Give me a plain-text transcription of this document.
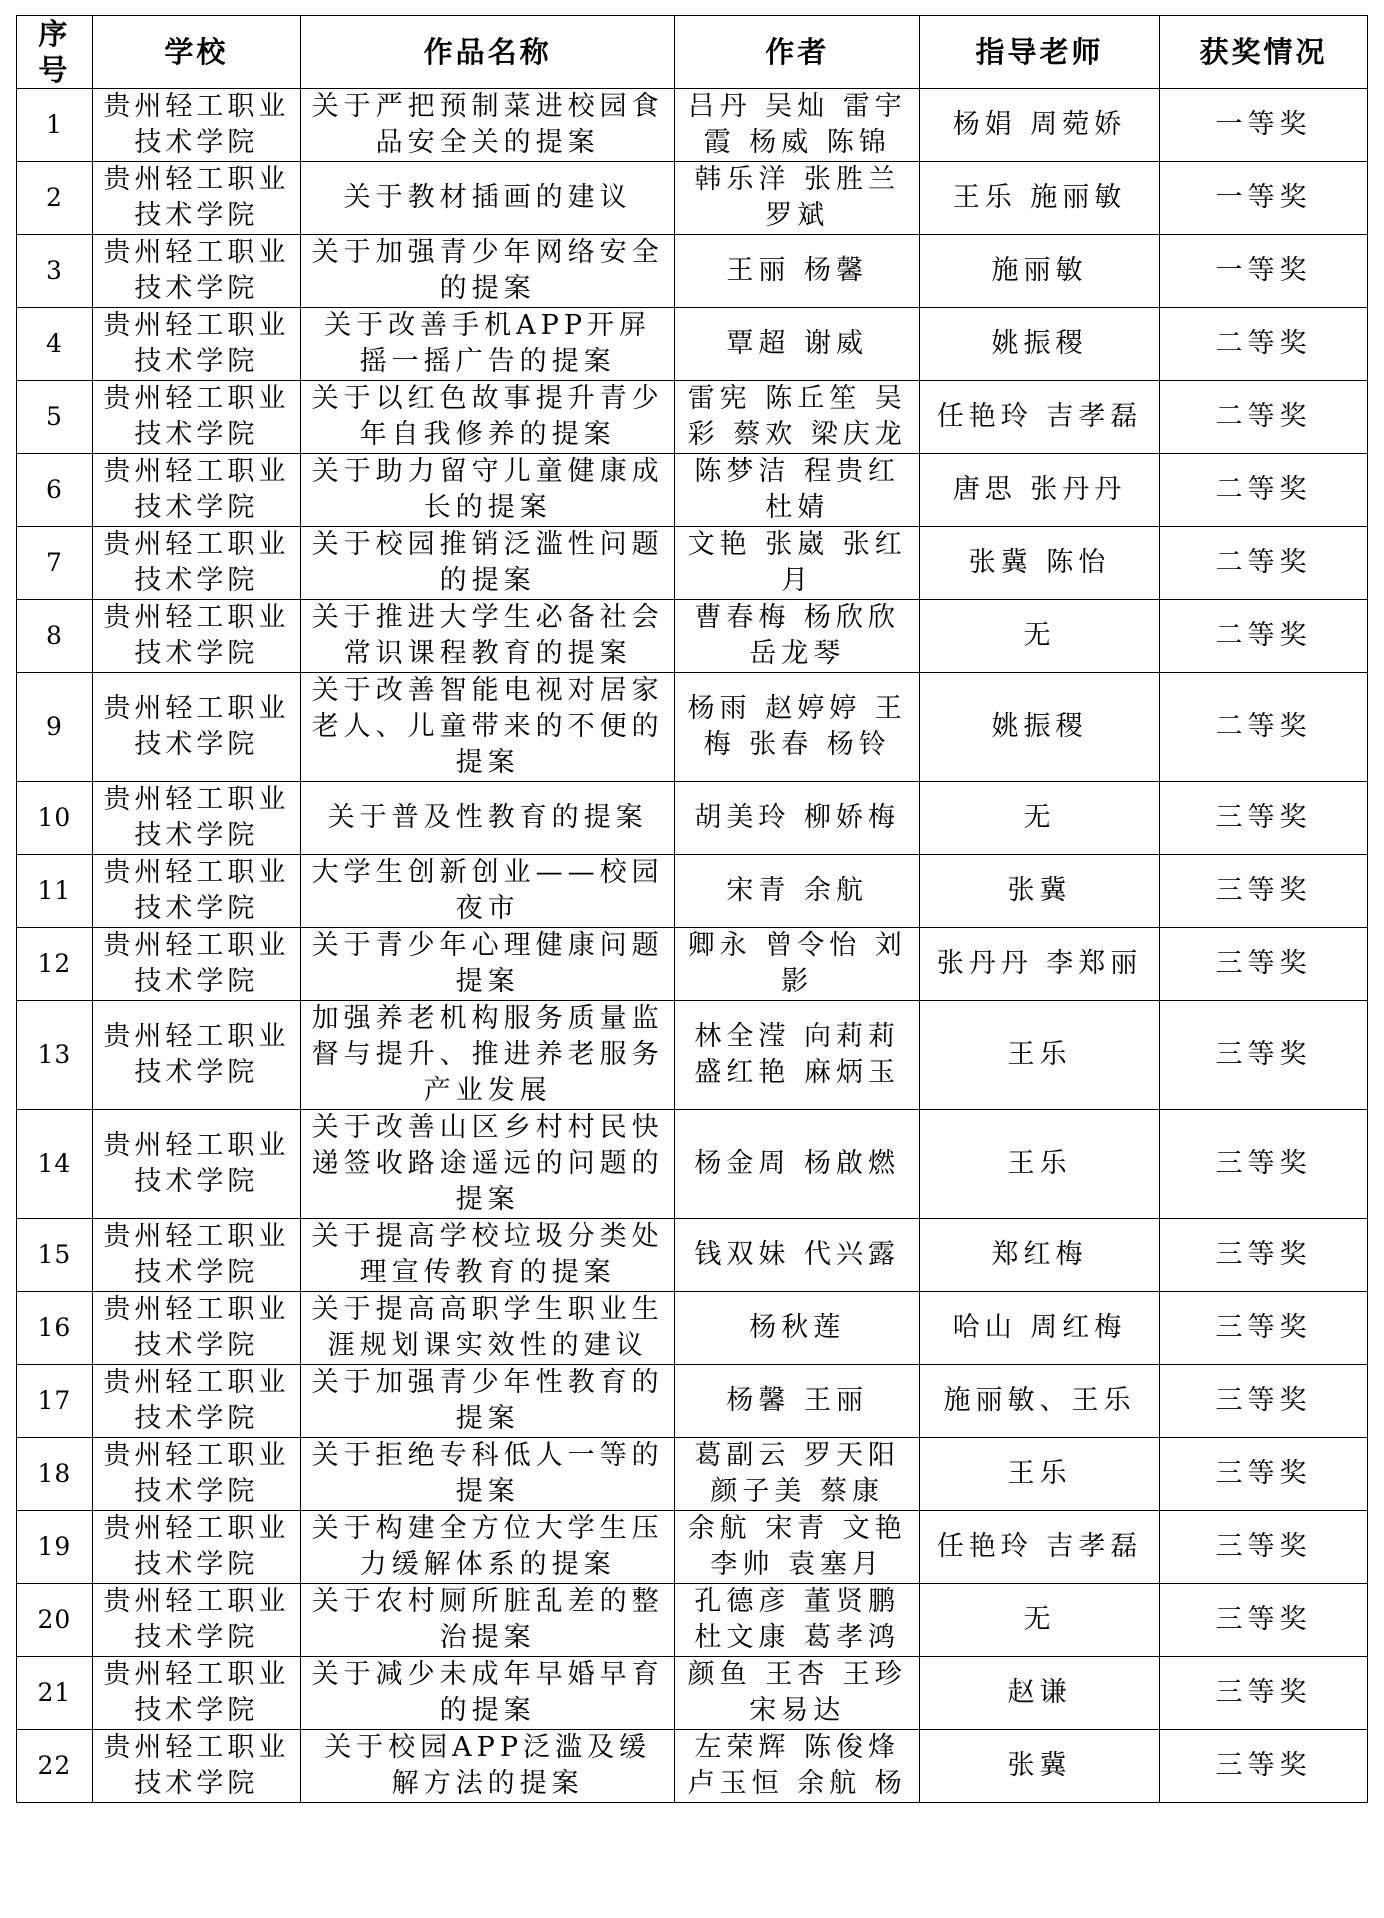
序号	学校	作品名称	作者	指导老师	获奖情况
1	贵州轻工职业技术学院	关于严把预制菜进校园食品安全关的提案	吕丹 吴灿 雷宇霞 杨威 陈锦	杨娟 周菀娇	一等奖
2	贵州轻工职业技术学院	关于教材插画的建议	韩乐洋 张胜兰 罗斌	王乐 施丽敏	一等奖
3	贵州轻工职业技术学院	关于加强青少年网络安全的提案	王丽 杨馨	施丽敏	一等奖
4	贵州轻工职业技术学院	关于改善手机APP开屏摇一摇广告的提案	覃超 谢威	姚振稷	二等奖
5	贵州轻工职业技术学院	关于以红色故事提升青少年自我修养的提案	雷宪 陈丘笙 吴彩 蔡欢 梁庆龙	任艳玲 吉孝磊	二等奖
6	贵州轻工职业技术学院	关于助力留守儿童健康成长的提案	陈梦洁 程贵红 杜婧	唐思 张丹丹	二等奖
7	贵州轻工职业技术学院	关于校园推销泛滥性问题的提案	文艳 张崴 张红月	张冀 陈怡	二等奖
8	贵州轻工职业技术学院	关于推进大学生必备社会常识课程教育的提案	曹春梅 杨欣欣 岳龙琴	无	二等奖
9	贵州轻工职业技术学院	关于改善智能电视对居家老人、儿童带来的不便的提案	杨雨 赵婷婷 王梅 张春 杨铃	姚振稷	二等奖
10	贵州轻工职业技术学院	关于普及性教育的提案	胡美玲 柳娇梅	无	三等奖
11	贵州轻工职业技术学院	大学生创新创业——校园夜市	宋青 余航	张冀	三等奖
12	贵州轻工职业技术学院	关于青少年心理健康问题提案	卿永 曾令怡 刘影	张丹丹 李郑丽	三等奖
13	贵州轻工职业技术学院	加强养老机构服务质量监督与提升、推进养老服务产业发展	林全滢 向莉莉 盛红艳 麻炳玉	王乐	三等奖
14	贵州轻工职业技术学院	关于改善山区乡村村民快递签收路途遥远的问题的提案	杨金周 杨啟燃	王乐	三等奖
15	贵州轻工职业技术学院	关于提高学校垃圾分类处理宣传教育的提案	钱双妹 代兴露	郑红梅	三等奖
16	贵州轻工职业技术学院	关于提高高职学生职业生涯规划课实效性的建议	杨秋莲	哈山 周红梅	三等奖
17	贵州轻工职业技术学院	关于加强青少年性教育的提案	杨馨 王丽	施丽敏、王乐	三等奖
18	贵州轻工职业技术学院	关于拒绝专科低人一等的提案	葛副云 罗天阳 颜子美 蔡康	王乐	三等奖
19	贵州轻工职业技术学院	关于构建全方位大学生压力缓解体系的提案	余航 宋青 文艳 李帅 袁塞月	任艳玲 吉孝磊	三等奖
20	贵州轻工职业技术学院	关于农村厕所脏乱差的整治提案	孔德彦 董贤鹏 杜文康 葛孝鸿	无	三等奖
21	贵州轻工职业技术学院	关于减少未成年早婚早育的提案	颜鱼 王杏 王珍 宋易达	赵谦	三等奖
22	贵州轻工职业技术学院	关于校园APP泛滥及缓解方法的提案	左荣辉 陈俊烽 卢玉恒 余航 杨	张冀	三等奖
